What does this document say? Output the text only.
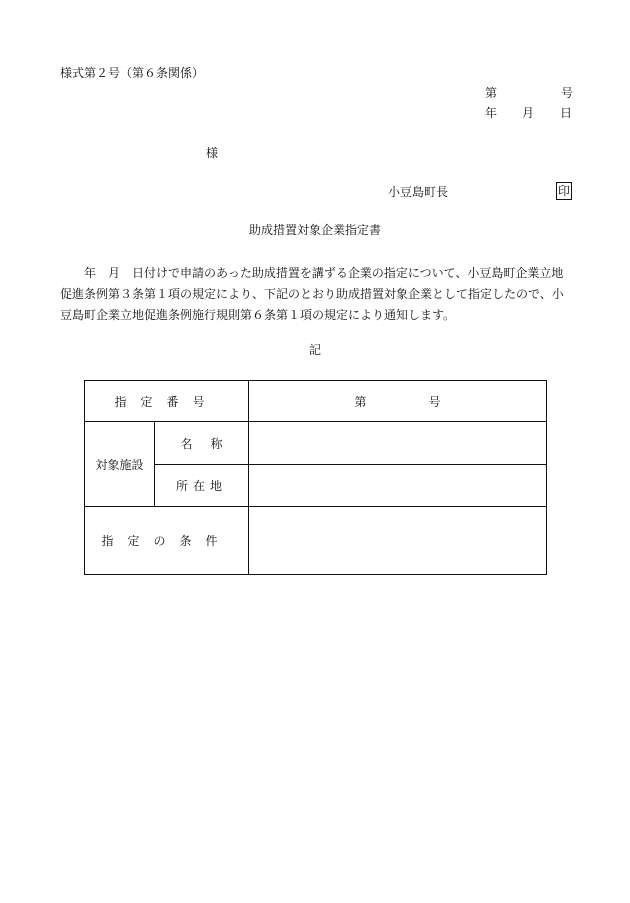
様式第２号（第６条関係）
第	号
年 月 日
様
小豆島町長	印
助成措置対象企業指定書
年　月　日付けで申請のあった助成措置を講ずる企業の指定について、小豆島町企業立地促進条例第３条第１項の規定により、下記のとおり助成措置対象企業として指定したので、小豆島町企業立地促進条例施行規則第６条第１項の規定により通知します。
記
指定番号		第 号
対象施設	名 称	
	所在地	
指定の条件		
